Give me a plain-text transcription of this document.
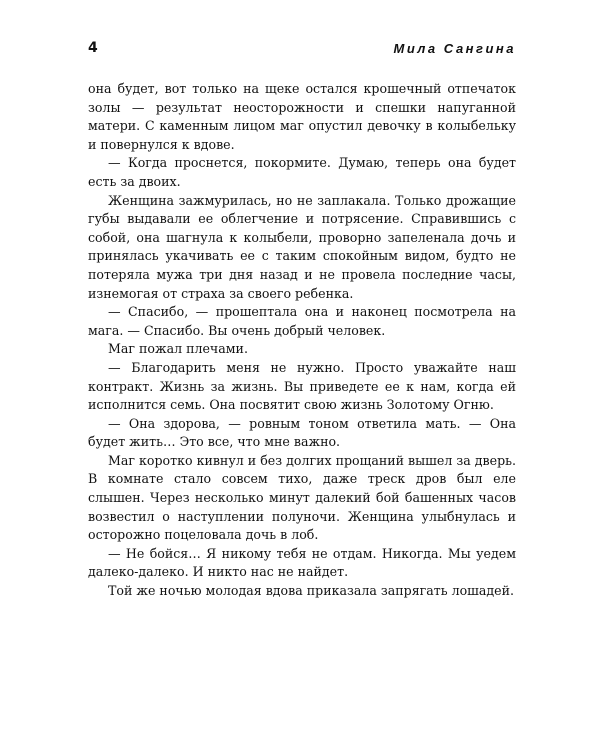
4	Мила Сангина

она будет, вот только на щеке остался крошечный отпечаток золы — результат неосторожности и спешки напуганной матери. С каменным лицом маг опустил девочку в колыбельку и повернулся к вдове.

— Когда проснется, покормите. Думаю, теперь она будет есть за двоих.

Женщина зажмурилась, но не заплакала. Только дрожащие губы выдавали ее облегчение и потрясение. Справившись с собой, она шагнула к колыбели, проворно запеленала дочь и принялась укачивать ее с таким спокойным видом, будто не потеряла мужа три дня назад и не провела последние часы, изнемогая от страха за своего ребенка.

— Спасибо, — прошептала она и наконец посмотрела на мага. — Спасибо. Вы очень добрый человек.

Маг пожал плечами.

— Благодарить меня не нужно. Просто уважайте наш контракт. Жизнь за жизнь. Вы приведете ее к нам, когда ей исполнится семь. Она посвятит свою жизнь Золотому Огню.

— Она здорова, — ровным тоном ответила мать. — Она будет жить… Это все, что мне важно.

Маг коротко кивнул и без долгих прощаний вышел за дверь. В комнате стало совсем тихо, даже треск дров был еле слышен. Через несколько минут далекий бой башенных часов возвестил о наступлении полуночи. Женщина улыбнулась и осторожно поцеловала дочь в лоб.

— Не бойся… Я никому тебя не отдам. Никогда. Мы уедем далеко-далеко. И никто нас не найдет.

Той же ночью молодая вдова приказала запрягать лошадей.
